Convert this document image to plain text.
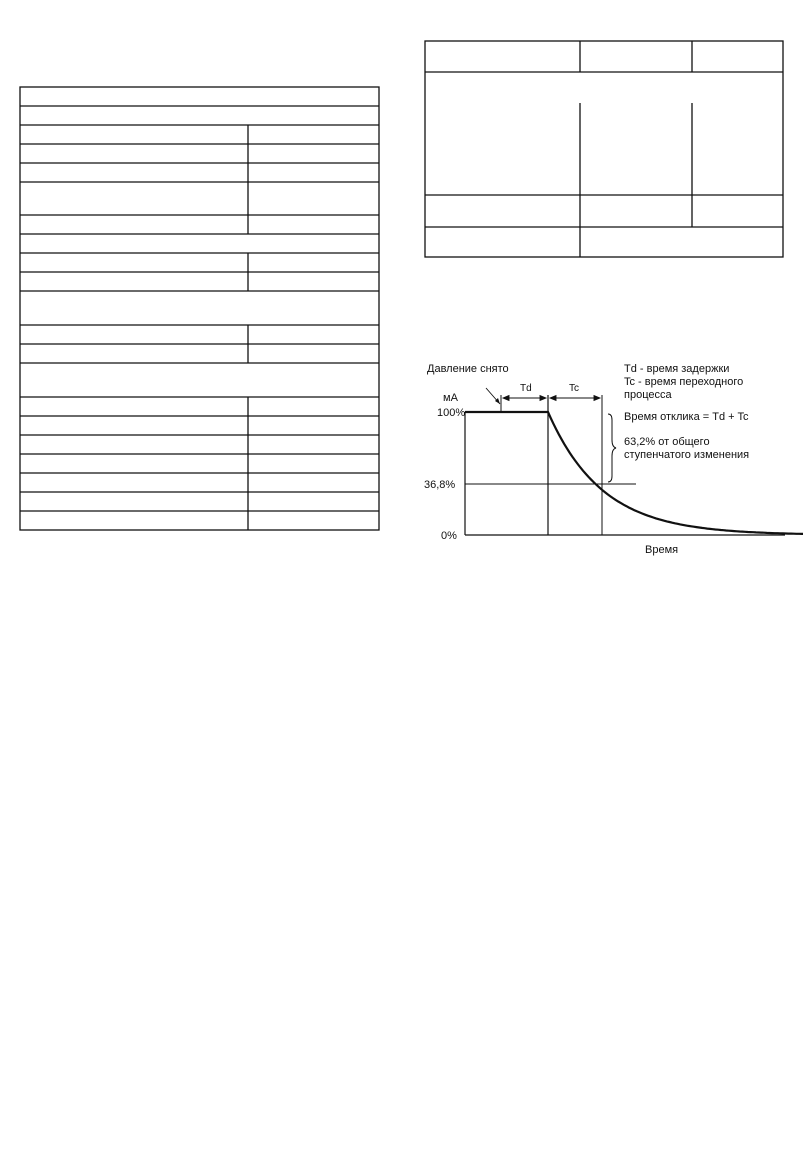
100%
36,8%
0%
мА
Время
Давление снято
Td	Tc
Td - время задержки
Tc - время переходного
процесса
Время отклика = Td + Tc
63,2% от общего
ступенчатого изменения
